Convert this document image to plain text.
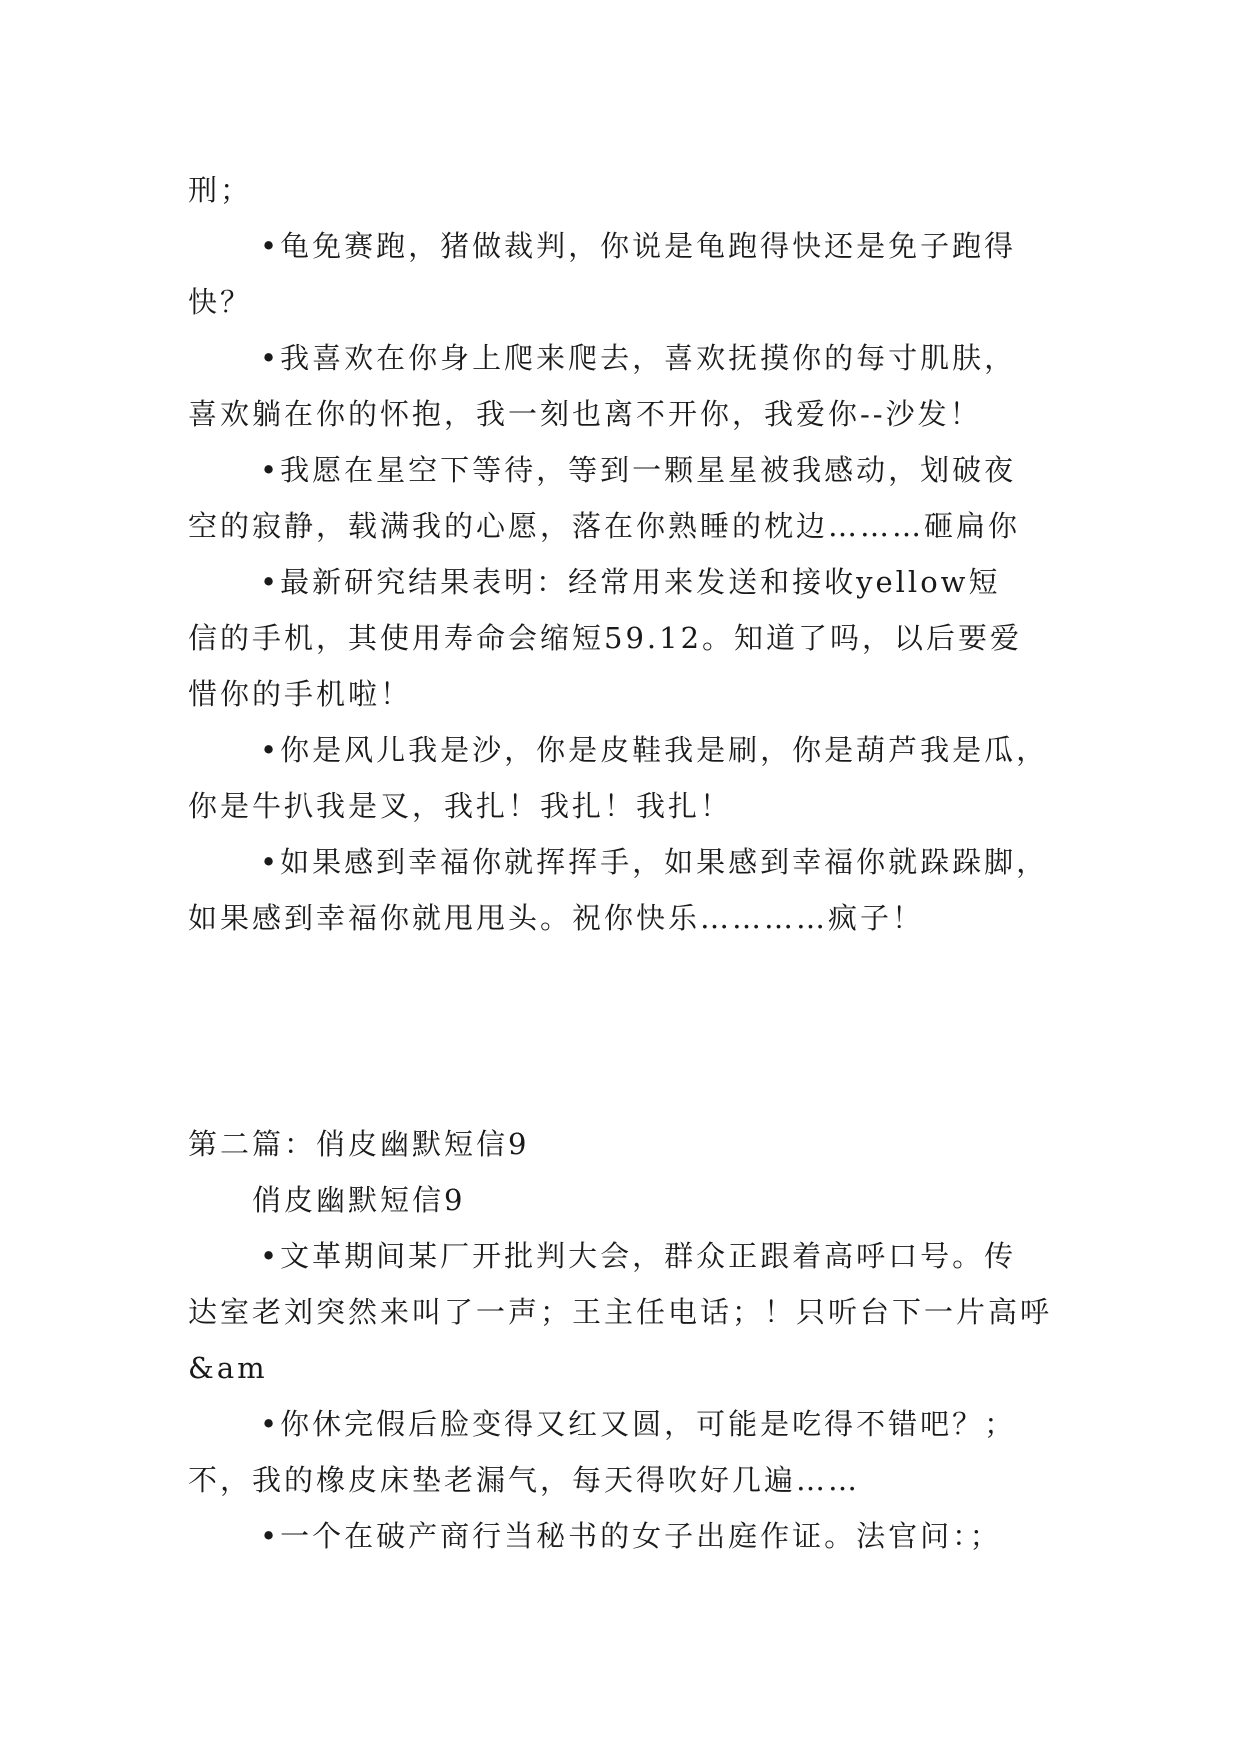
刑；
•龟免赛跑，猪做裁判，你说是龟跑得快还是免子跑得
快？
•我喜欢在你身上爬来爬去，喜欢抚摸你的每寸肌肤，
喜欢躺在你的怀抱，我一刻也离不开你，我爱你--沙发！
•我愿在星空下等待，等到一颗星星被我感动，划破夜
空的寂静，载满我的心愿，落在你熟睡的枕边………砸扁你
•最新研究结果表明：经常用来发送和接收yellow短
信的手机，其使用寿命会缩短59.12。知道了吗，以后要爱
惜你的手机啦！
•你是风儿我是沙，你是皮鞋我是刷，你是葫芦我是瓜，
你是牛扒我是叉，我扎！我扎！我扎！
•如果感到幸福你就挥挥手，如果感到幸福你就跺跺脚，
如果感到幸福你就甩甩头。祝你快乐…………疯子！
第二篇：俏皮幽默短信9
俏皮幽默短信9
•文革期间某厂开批判大会，群众正跟着高呼口号。传
达室老刘突然来叫了一声；王主任电话；！只听台下一片高呼
&am
•你休完假后脸变得又红又圆，可能是吃得不错吧？；
不，我的橡皮床垫老漏气，每天得吹好几遍……
•一个在破产商行当秘书的女子出庭作证。法官问：；
